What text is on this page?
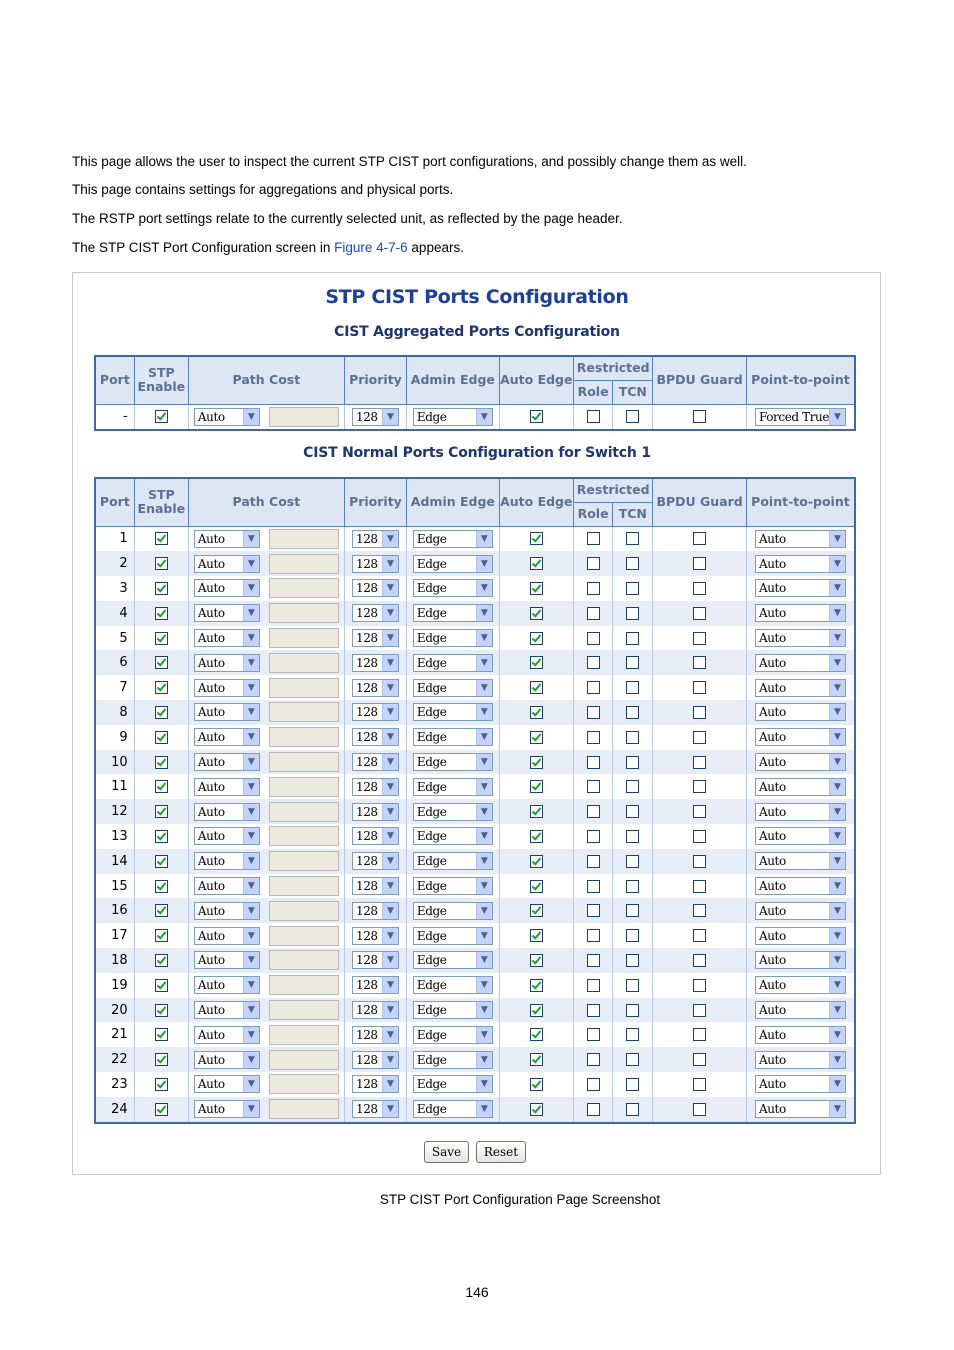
This page allows the user to inspect the current STP CIST port configurations, and possibly change them as well.

This page contains settings for aggregations and physical ports.

The RSTP port settings relate to the currently selected unit, as reflected by the page header.

The STP CIST Port Configuration screen in Figure 4-7-6 appears.

STP CIST Ports Configuration
CIST Aggregated Ports Configuration
Port	STP
Enable	Path Cost	Priority	Admin Edge	Auto Edge	Restricted		BPDU Guard	Point-to-point
						Role	TCN		
-		Auto ▼	128 ▼	Edge ▼					Forced True ▼
CIST Normal Ports Configuration for Switch 1
Port	STP
Enable	Path Cost	Priority	Admin Edge	Auto Edge	Restricted		BPDU Guard	Point-to-point
						Role	TCN		
1		Auto ▼	128 ▼	Edge ▼					Auto ▼

2		Auto ▼	128 ▼	Edge ▼					Auto ▼

3		Auto ▼	128 ▼	Edge ▼					Auto ▼

4		Auto ▼	128 ▼	Edge ▼					Auto ▼

5		Auto ▼	128 ▼	Edge ▼					Auto ▼

6		Auto ▼	128 ▼	Edge ▼					Auto ▼

7		Auto ▼	128 ▼	Edge ▼					Auto ▼

8		Auto ▼	128 ▼	Edge ▼					Auto ▼

9		Auto ▼	128 ▼	Edge ▼					Auto ▼

10		Auto ▼	128 ▼	Edge ▼					Auto ▼

11		Auto ▼	128 ▼	Edge ▼					Auto ▼

12		Auto ▼	128 ▼	Edge ▼					Auto ▼

13		Auto ▼	128 ▼	Edge ▼					Auto ▼

14		Auto ▼	128 ▼	Edge ▼					Auto ▼

15		Auto ▼	128 ▼	Edge ▼					Auto ▼

16		Auto ▼	128 ▼	Edge ▼					Auto ▼

17		Auto ▼	128 ▼	Edge ▼					Auto ▼

18		Auto ▼	128 ▼	Edge ▼					Auto ▼

19		Auto ▼	128 ▼	Edge ▼					Auto ▼

20		Auto ▼	128 ▼	Edge ▼					Auto ▼

21		Auto ▼	128 ▼	Edge ▼					Auto ▼

22		Auto ▼	128 ▼	Edge ▼					Auto ▼

23		Auto ▼	128 ▼	Edge ▼					Auto ▼

24		Auto ▼	128 ▼	Edge ▼					Auto ▼
Save	Reset
STP CIST Port Configuration Page Screenshot
146
